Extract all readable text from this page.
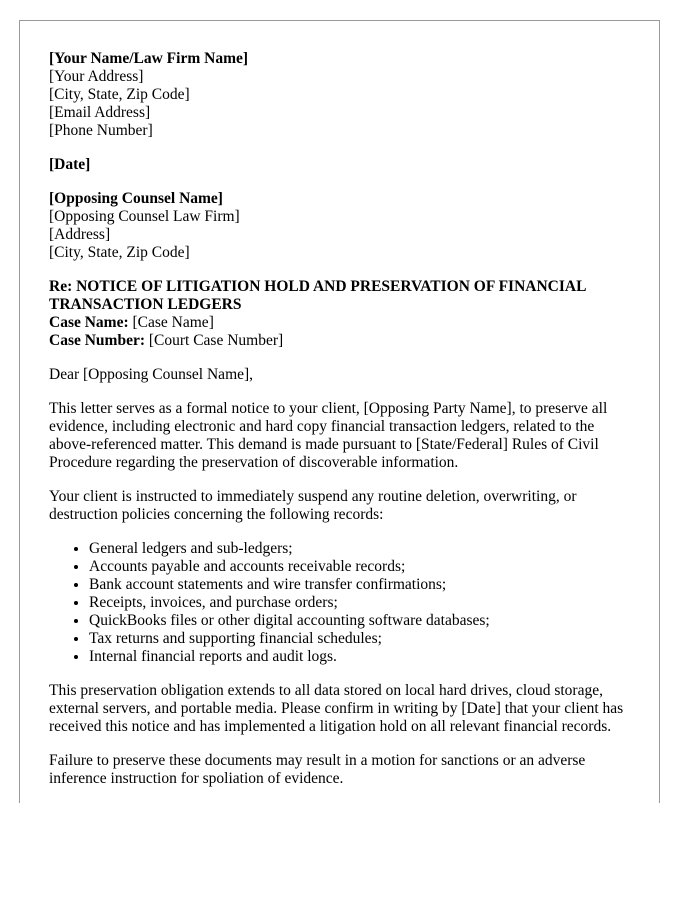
[Your Name/Law Firm Name]
[Your Address]
[City, State, Zip Code]
[Email Address]
[Phone Number]
[Date]
[Opposing Counsel Name]
[Opposing Counsel Law Firm]
[Address]
[City, State, Zip Code]
Re: NOTICE OF LITIGATION HOLD AND PRESERVATION OF FINANCIAL TRANSACTION LEDGERS
Case Name: [Case Name]
Case Number: [Court Case Number]

Dear [Opposing Counsel Name],

This letter serves as a formal notice to your client, [Opposing Party Name], to preserve all evidence, including electronic and hard copy financial transaction ledgers, related to the above-referenced matter. This demand is made pursuant to [State/Federal] Rules of Civil Procedure regarding the preservation of discoverable information.

Your client is instructed to immediately suspend any routine deletion, overwriting, or destruction policies concerning the following records:

• General ledgers and sub-ledgers;
• Accounts payable and accounts receivable records;
• Bank account statements and wire transfer confirmations;
• Receipts, invoices, and purchase orders;
• QuickBooks files or other digital accounting software databases;
• Tax returns and supporting financial schedules;
• Internal financial reports and audit logs.

This preservation obligation extends to all data stored on local hard drives, cloud storage, external servers, and portable media. Please confirm in writing by [Date] that your client has received this notice and has implemented a litigation hold on all relevant financial records.

Failure to preserve these documents may result in a motion for sanctions or an adverse inference instruction for spoliation of evidence.
